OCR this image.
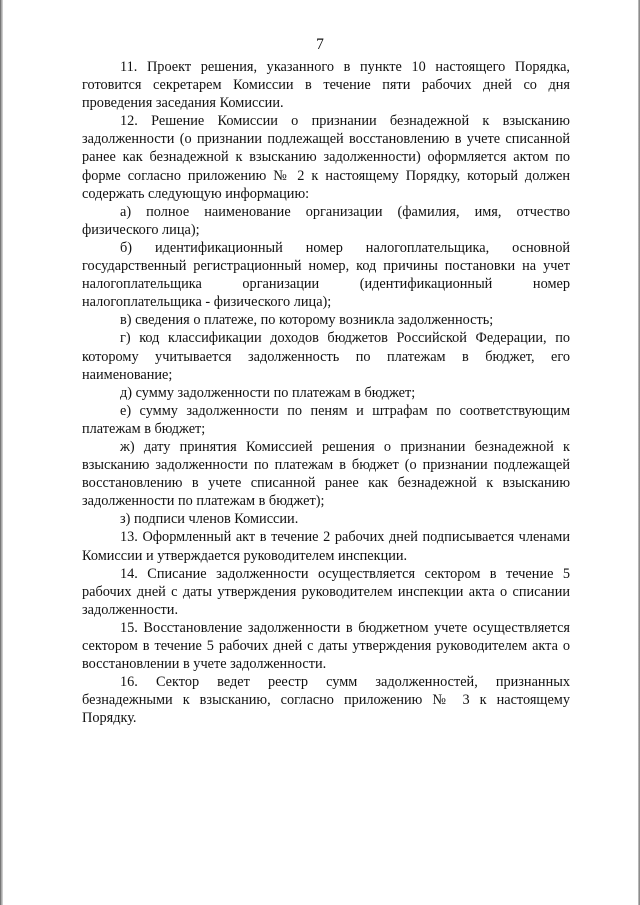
7

11. Проект решения, указанного в пункте 10 настоящего Порядка, готовится секретарем Комиссии в течение пяти рабочих дней со дня проведения заседания Комиссии.

12. Решение Комиссии о признании безнадежной к взысканию задолженности (о признании подлежащей восстановлению в учете списанной ранее как безнадежной к взысканию задолженности) оформляется актом по форме согласно приложению № 2 к настоящему Порядку, который должен содержать следующую информацию:

а) полное наименование организации (фамилия, имя, отчество физического лица);

б) идентификационный номер налогоплательщика, основной государственный регистрационный номер, код причины постановки на учет налогоплательщика организации (идентификационный номер налогоплательщика - физического лица);

в) сведения о платеже, по которому возникла задолженность;

г) код классификации доходов бюджетов Российской Федерации, по которому учитывается задолженность по платежам в бюджет, его наименование;

д) сумму задолженности по платежам в бюджет;

е) сумму задолженности по пеням и штрафам по соответствующим платежам в бюджет;

ж) дату принятия Комиссией решения о признании безнадежной к взысканию задолженности по платежам в бюджет (о признании подлежащей восстановлению в учете списанной ранее как безнадежной к взысканию задолженности по платежам в бюджет);

з) подписи членов Комиссии.

13. Оформленный акт в течение 2 рабочих дней подписывается членами Комиссии и утверждается руководителем инспекции.

14. Списание задолженности осуществляется сектором в течение 5 рабочих дней с даты утверждения руководителем инспекции акта о списании задолженности.

15. Восстановление задолженности в бюджетном учете осуществляется сектором в течение 5 рабочих дней с даты утверждения руководителем акта о восстановлении в учете задолженности.

16. Сектор ведет реестр сумм задолженностей, признанных безнадежными к взысканию, согласно приложению № 3 к настоящему Порядку.
